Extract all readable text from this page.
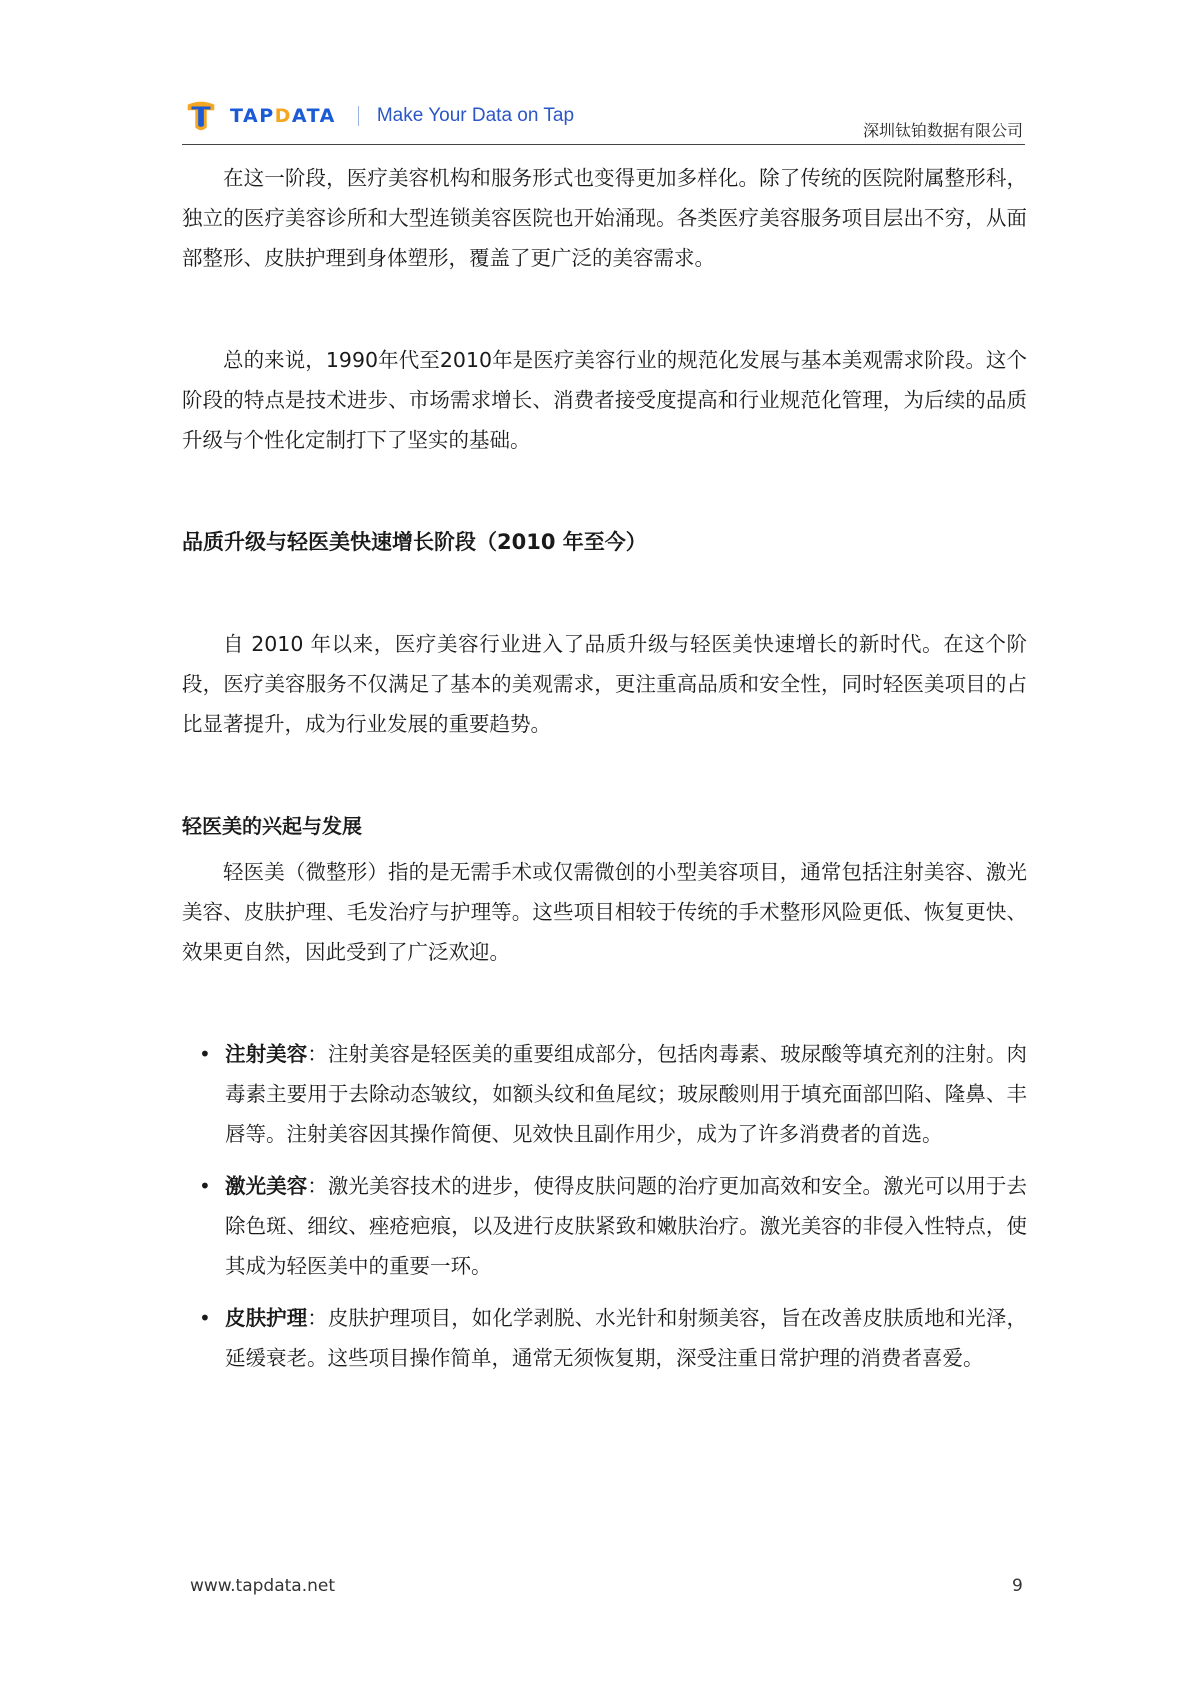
TAPDATA Make Your Data on Tap
深圳钛铂数据有限公司

在这一阶段，医疗美容机构和服务形式也变得更加多样化。除了传统的医院附属整形科，独立的医疗美容诊所和大型连锁美容医院也开始涌现。各类医疗美容服务项目层出不穷，从面部整形、皮肤护理到身体塑形，覆盖了更广泛的美容需求。

总的来说，1990年代至2010年是医疗美容行业的规范化发展与基本美观需求阶段。这个阶段的特点是技术进步、市场需求增长、消费者接受度提高和行业规范化管理，为后续的品质升级与个性化定制打下了坚实的基础。

品质升级与轻医美快速增长阶段（2010 年至今）

自 2010 年以来，医疗美容行业进入了品质升级与轻医美快速增长的新时代。在这个阶段，医疗美容服务不仅满足了基本的美观需求，更注重高品质和安全性，同时轻医美项目的占比显著提升，成为行业发展的重要趋势。

轻医美的兴起与发展

轻医美（微整形）指的是无需手术或仅需微创的小型美容项目，通常包括注射美容、激光美容、皮肤护理、毛发治疗与护理等。这些项目相较于传统的手术整形风险更低、恢复更快、效果更自然，因此受到了广泛欢迎。

• 注射美容：注射美容是轻医美的重要组成部分，包括肉毒素、玻尿酸等填充剂的注射。肉毒素主要用于去除动态皱纹，如额头纹和鱼尾纹；玻尿酸则用于填充面部凹陷、隆鼻、丰唇等。注射美容因其操作简便、见效快且副作用少，成为了许多消费者的首选。
• 激光美容：激光美容技术的进步，使得皮肤问题的治疗更加高效和安全。激光可以用于去除色斑、细纹、痤疮疤痕，以及进行皮肤紧致和嫩肤治疗。激光美容的非侵入性特点，使其成为轻医美中的重要一环。
• 皮肤护理：皮肤护理项目，如化学剥脱、水光针和射频美容，旨在改善皮肤质地和光泽，延缓衰老。这些项目操作简单，通常无须恢复期，深受注重日常护理的消费者喜爱。
www.tapdata.net	9
